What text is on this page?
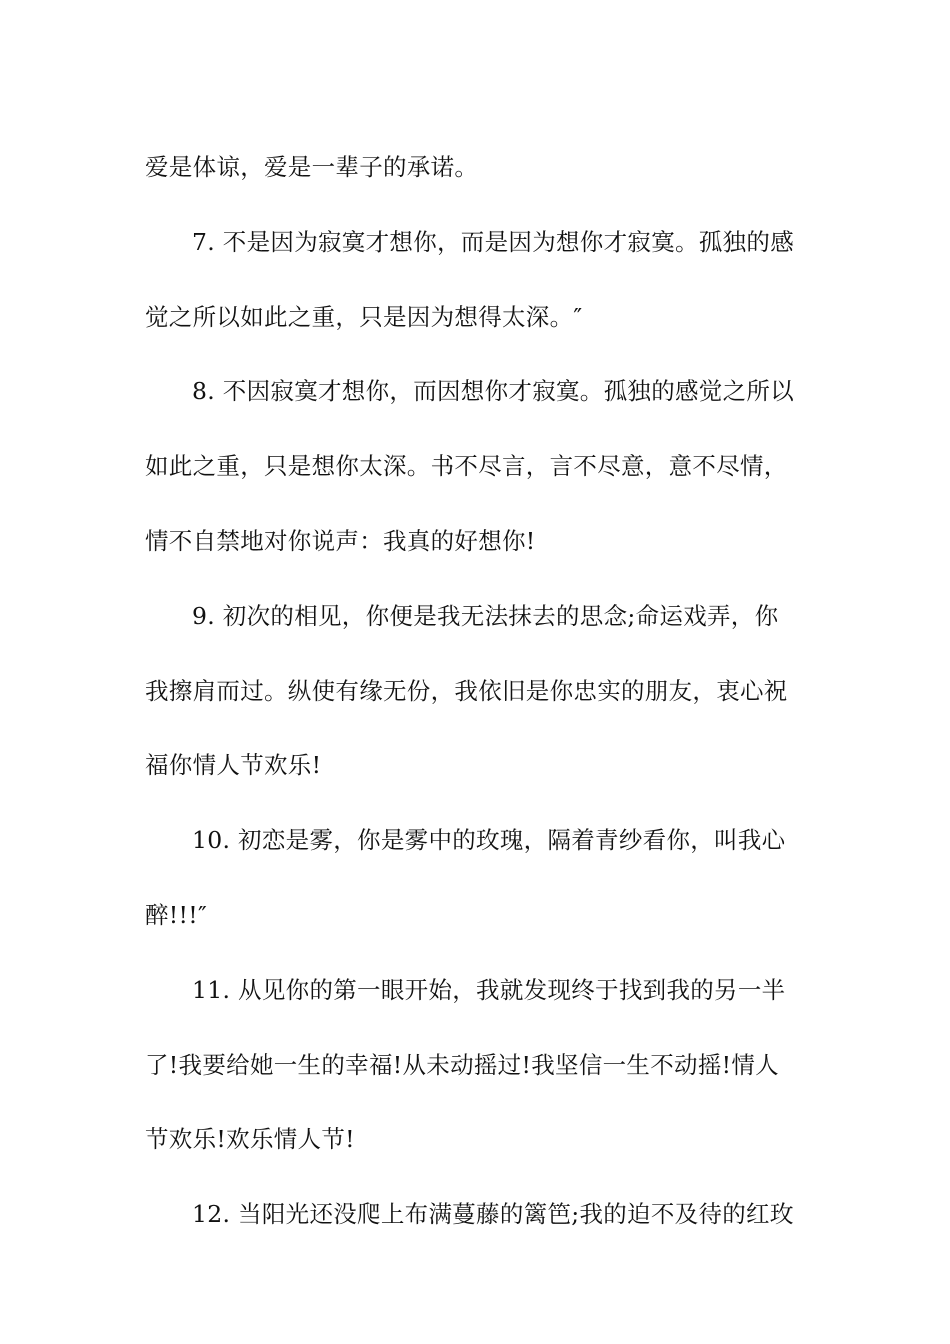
爱是体谅，爱是一辈子的承诺。

7. 不是因为寂寞才想你，而是因为想你才寂寞。孤独的感
觉之所以如此之重，只是因为想得太深。″

8. 不因寂寞才想你，而因想你才寂寞。孤独的感觉之所以
如此之重，只是想你太深。书不尽言，言不尽意，意不尽情，
情不自禁地对你说声：我真的好想你!

9. 初次的相见，你便是我无法抹去的思念;命运戏弄，你
我擦肩而过。纵使有缘无份，我依旧是你忠实的朋友，衷心祝
福你情人节欢乐!

10. 初恋是雾，你是雾中的玫瑰，隔着青纱看你，叫我心
醉!!!″

11. 从见你的第一眼开始，我就发现终于找到我的另一半
了!我要给她一生的幸福!从未动摇过!我坚信一生不动摇!情人
节欢乐!欢乐情人节!

12. 当阳光还没爬上布满蔓藤的篱笆;我的迫不及待的红玫
